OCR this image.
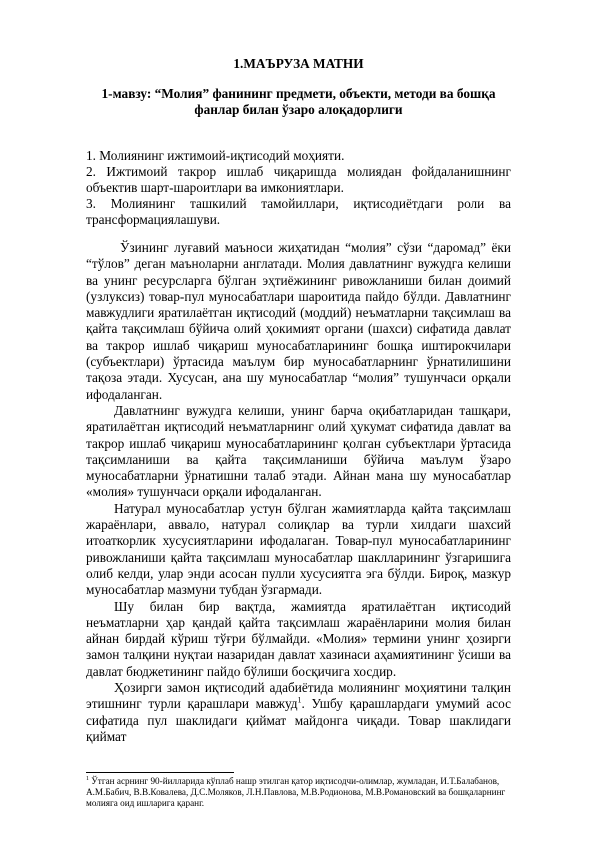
1.МАЪРУЗА МАТНИ
1-мавзу: “Молия” фанининг предмети, объекти, методи ва бошқа фанлар билан ўзаро алоқадорлиги

1. Молиянинг ижтимоий-иқтисодий моҳияти.

2. Ижтимоий такрор ишлаб чиқаришда молиядан фойдаланишнинг объектив шарт-шароитлари ва имкониятлари.

3. Молиянинг ташкилий тамойиллари, иқтисодиётдаги роли ва трансформациялашуви.

Ўзининг луғавий маъноси жиҳатидан “молия” сўзи “даромад” ёки “тўлов” деган маъноларни англатади. Молия давлатнинг вужудга келиши ва унинг ресурсларга бўлган эҳтиёжининг ривожланиши билан доимий (узлуксиз) товар-пул муносабатлари шароитида пайдо бўлди. Давлатнинг мавжудлиги яратилаётган иқтисодий (моддий) неъматларни тақсимлаш ва қайта тақсимлаш бўйича олий ҳокимият органи (шахси) сифатида давлат ва такрор ишлаб чиқариш муносабатларининг бошқа иштирокчилари (субъектлари) ўртасида маълум бир муносабатларнинг ўрнатилишини тақоза этади. Хусусан, ана шу муносабатлар “молия” тушунчаси орқали ифодаланган.

Давлатнинг вужудга келиши, унинг барча оқибатларидан ташқари, яратилаётган иқтисодий неъматларнинг олий ҳукумат сифатида давлат ва такрор ишлаб чиқариш муносабатларининг қолган субъектлари ўртасида тақсимланиши ва қайта тақсимланиши бўйича маълум ўзаро муносабатларни ўрнатишни талаб этади. Айнан мана шу муносабатлар «молия» тушунчаси орқали ифодаланган.

Натурал муносабатлар устун бўлган жамиятларда қайта тақсимлаш жараёнлари, аввало, натурал солиқлар ва турли хилдаги шахсий итоаткорлик хусусиятларини ифодалаган. Товар-пул муносабатларининг ривожланиши қайта тақсимлаш муносабатлар шаклларининг ўзгаришига олиб келди, улар энди асосан пулли хусусиятга эга бўлди. Бироқ, мазкур муносабатлар мазмуни тубдан ўзгармади.

Шу билан бир вақтда, жамиятда яратилаётган иқтисодий неъматларни ҳар қандай қайта тақсимлаш жараёнларини молия билан айнан бирдай кўриш тўғри бўлмайди. «Молия» термини унинг ҳозирги замон талқини нуқтаи назаридан давлат хазинаси аҳамиятининг ўсиши ва давлат бюджетининг пайдо бўлиши босқичига хосдир.

Ҳозирги замон иқтисодий адабиётида молиянинг моҳиятини талқин этишнинг турли қарашлари мавжуд$^1$. Ушбу қарашлардаги умумий асос сифатида пул шаклидаги қиймат майдонга чиқади. Товар шаклидаги қиймат

$^1$ Ўтган асрнинг 90-йилларида кўплаб нашр этилган қатор иқтисодчи-олимлар, жумладан, И.Т.Балабанов, А.М.Бабич, В.В.Ковалева, Д.С.Моляков, Л.Н.Павлова, М.В.Родионова, М.В.Романовский ва бошқаларнинг молияга оид ишларига қаранг.
